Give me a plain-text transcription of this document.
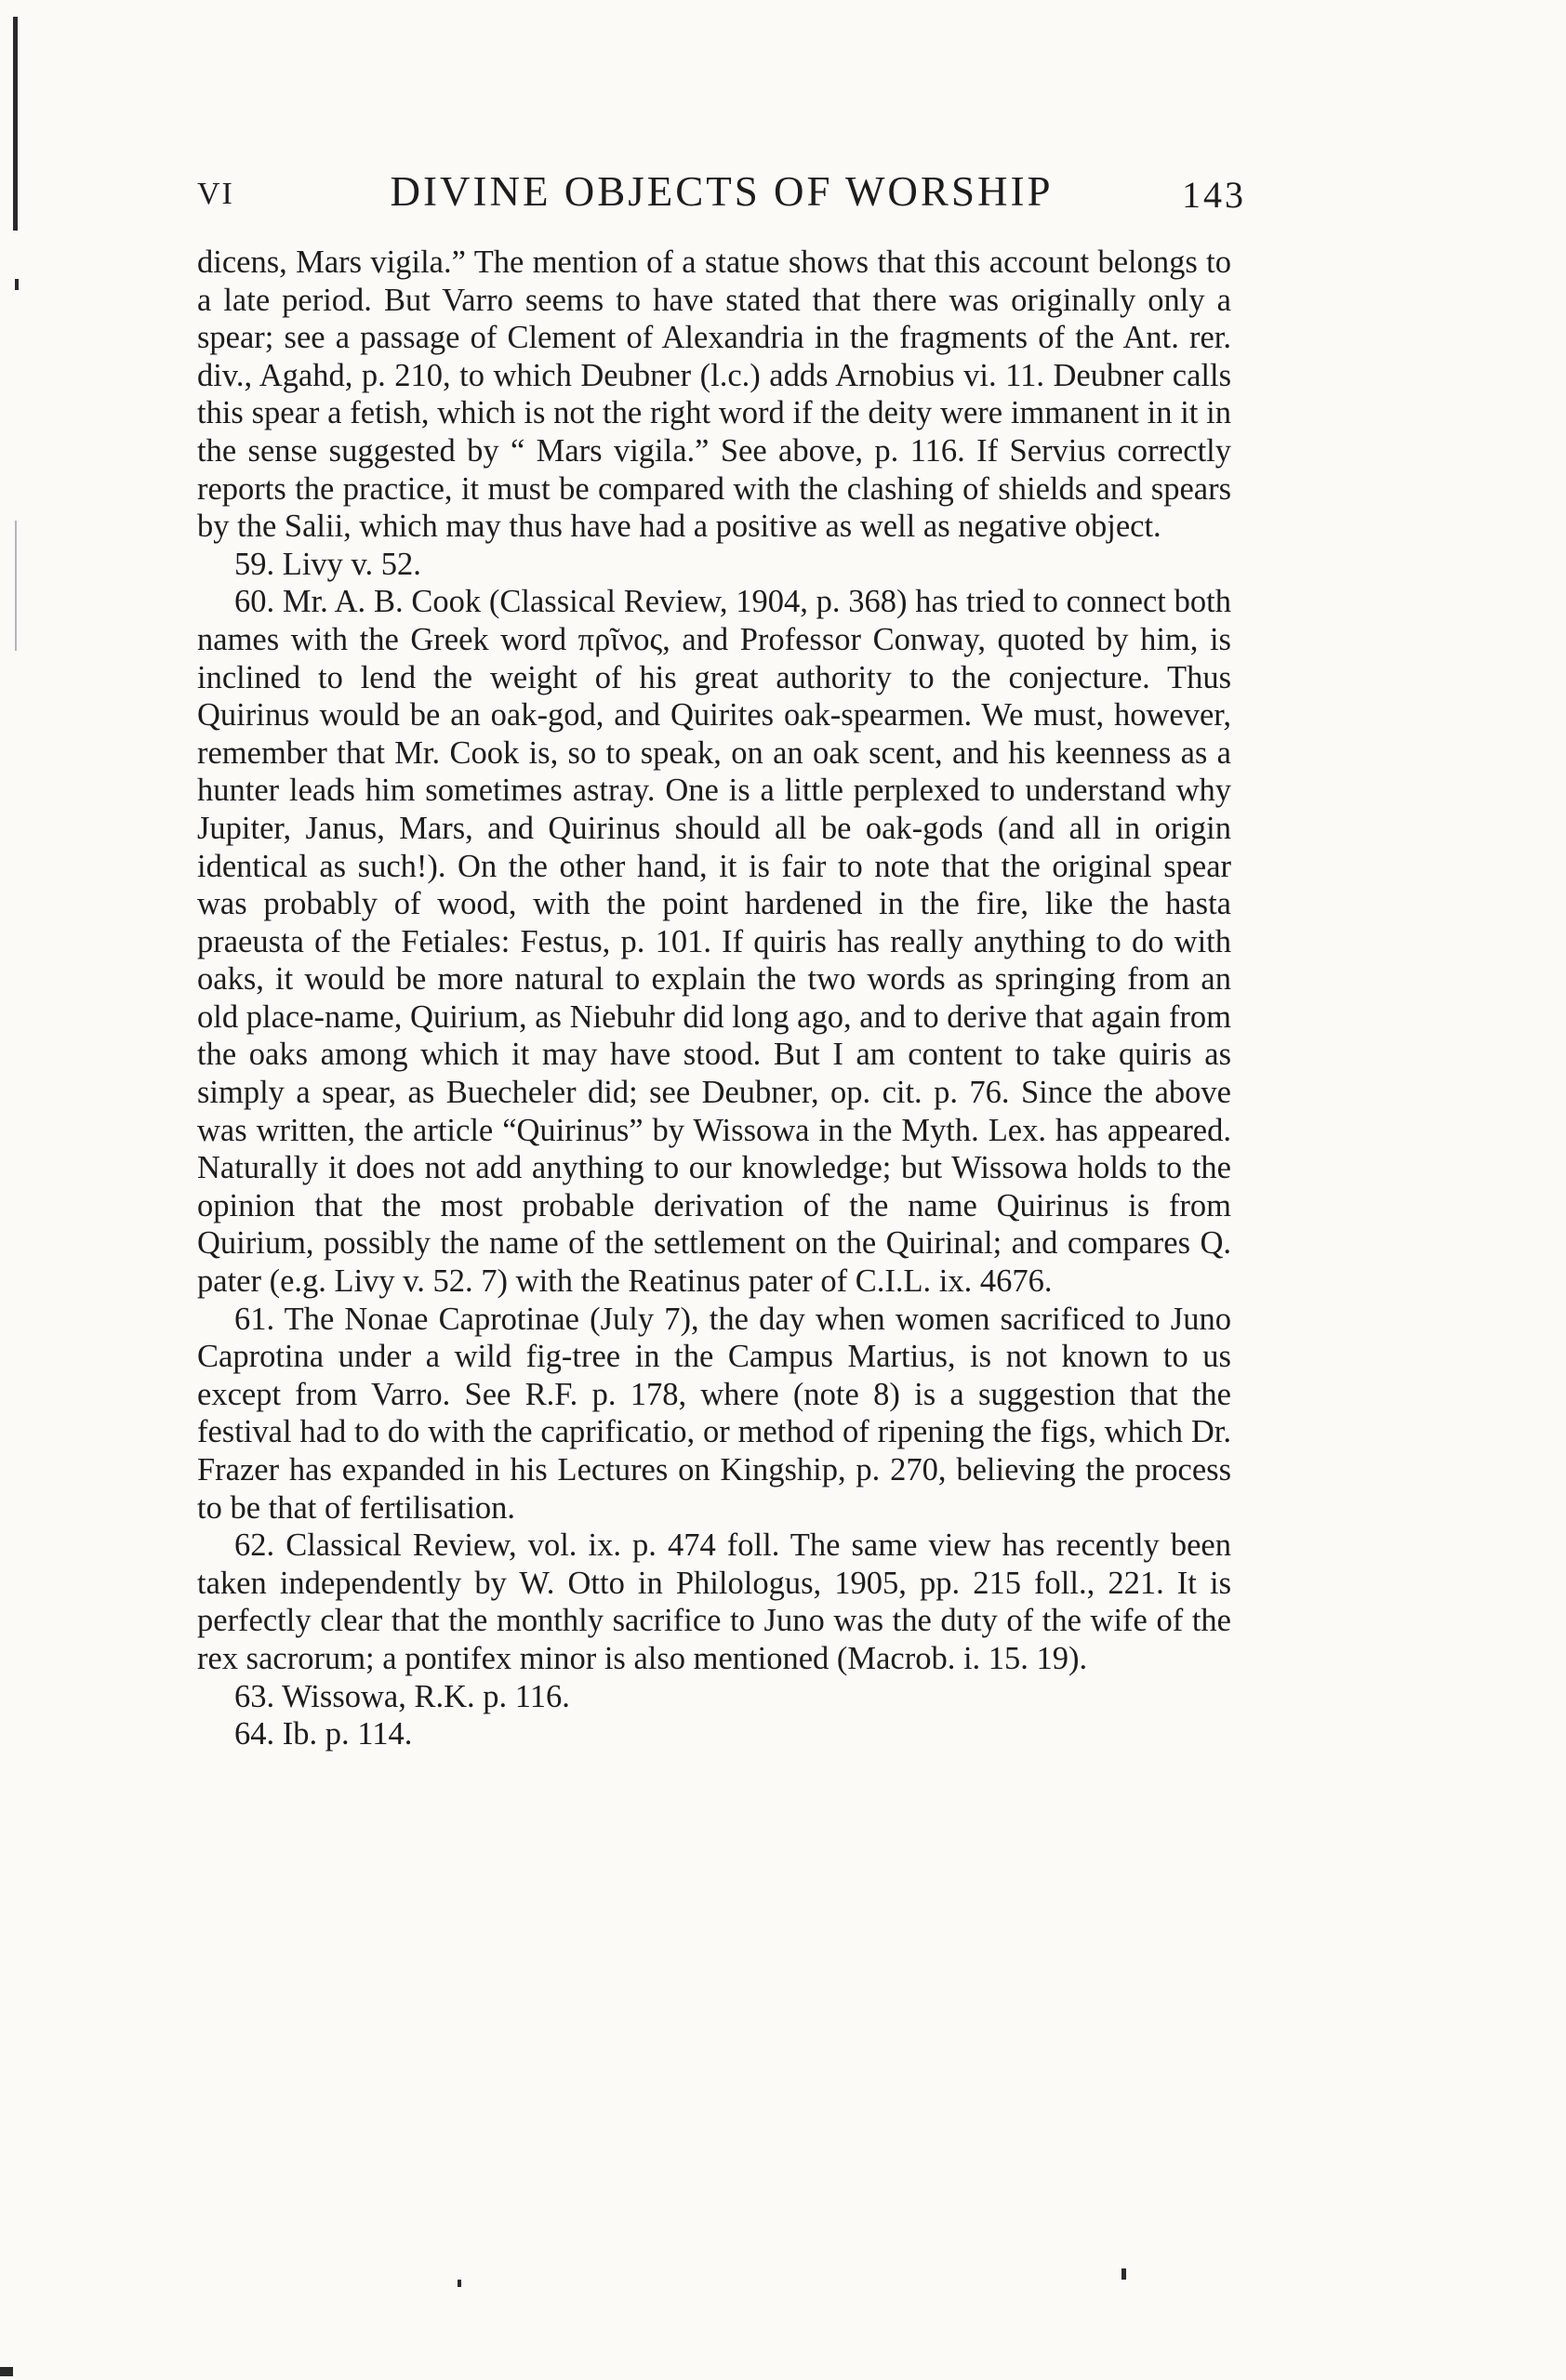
VI	DIVINE OBJECTS OF WORSHIP	143

dicens, Mars vigila.” The mention of a statue shows that this account belongs to a late period. But Varro seems to have stated that there was originally only a spear; see a passage of Clement of Alexandria in the fragments of the Ant. rer. div., Agahd, p. 210, to which Deubner (l.c.) adds Arnobius vi. 11. Deubner calls this spear a fetish, which is not the right word if the deity were immanent in it in the sense suggested by “ Mars vigila.” See above, p. 116. If Servius correctly reports the practice, it must be compared with the clashing of shields and spears by the Salii, which may thus have had a positive as well as negative object.

59. Livy v. 52.

60. Mr. A. B. Cook (Classical Review, 1904, p. 368) has tried to connect both names with the Greek word πρῖνος, and Professor Conway, quoted by him, is inclined to lend the weight of his great authority to the conjecture. Thus Quirinus would be an oak-god, and Quirites oak-spearmen. We must, however, remember that Mr. Cook is, so to speak, on an oak scent, and his keenness as a hunter leads him sometimes astray. One is a little perplexed to understand why Jupiter, Janus, Mars, and Quirinus should all be oak-gods (and all in origin identical as such!). On the other hand, it is fair to note that the original spear was probably of wood, with the point hardened in the fire, like the hasta praeusta of the Fetiales: Festus, p. 101. If quiris has really anything to do with oaks, it would be more natural to explain the two words as springing from an old place-name, Quirium, as Niebuhr did long ago, and to derive that again from the oaks among which it may have stood. But I am content to take quiris as simply a spear, as Buecheler did; see Deubner, op. cit. p. 76. Since the above was written, the article “Quirinus” by Wissowa in the Myth. Lex. has appeared. Naturally it does not add anything to our knowledge; but Wissowa holds to the opinion that the most probable derivation of the name Quirinus is from Quirium, possibly the name of the settlement on the Quirinal; and compares Q. pater (e.g. Livy v. 52. 7) with the Reatinus pater of C.I.L. ix. 4676.

61. The Nonae Caprotinae (July 7), the day when women sacrificed to Juno Caprotina under a wild fig-tree in the Campus Martius, is not known to us except from Varro. See R.F. p. 178, where (note 8) is a suggestion that the festival had to do with the caprificatio, or method of ripening the figs, which Dr. Frazer has expanded in his Lectures on Kingship, p. 270, believing the process to be that of fertilisation.

62. Classical Review, vol. ix. p. 474 foll. The same view has recently been taken independently by W. Otto in Philologus, 1905, pp. 215 foll., 221. It is perfectly clear that the monthly sacrifice to Juno was the duty of the wife of the rex sacrorum; a pontifex minor is also mentioned (Macrob. i. 15. 19).

63. Wissowa, R.K. p. 116.

64. Ib. p. 114.
